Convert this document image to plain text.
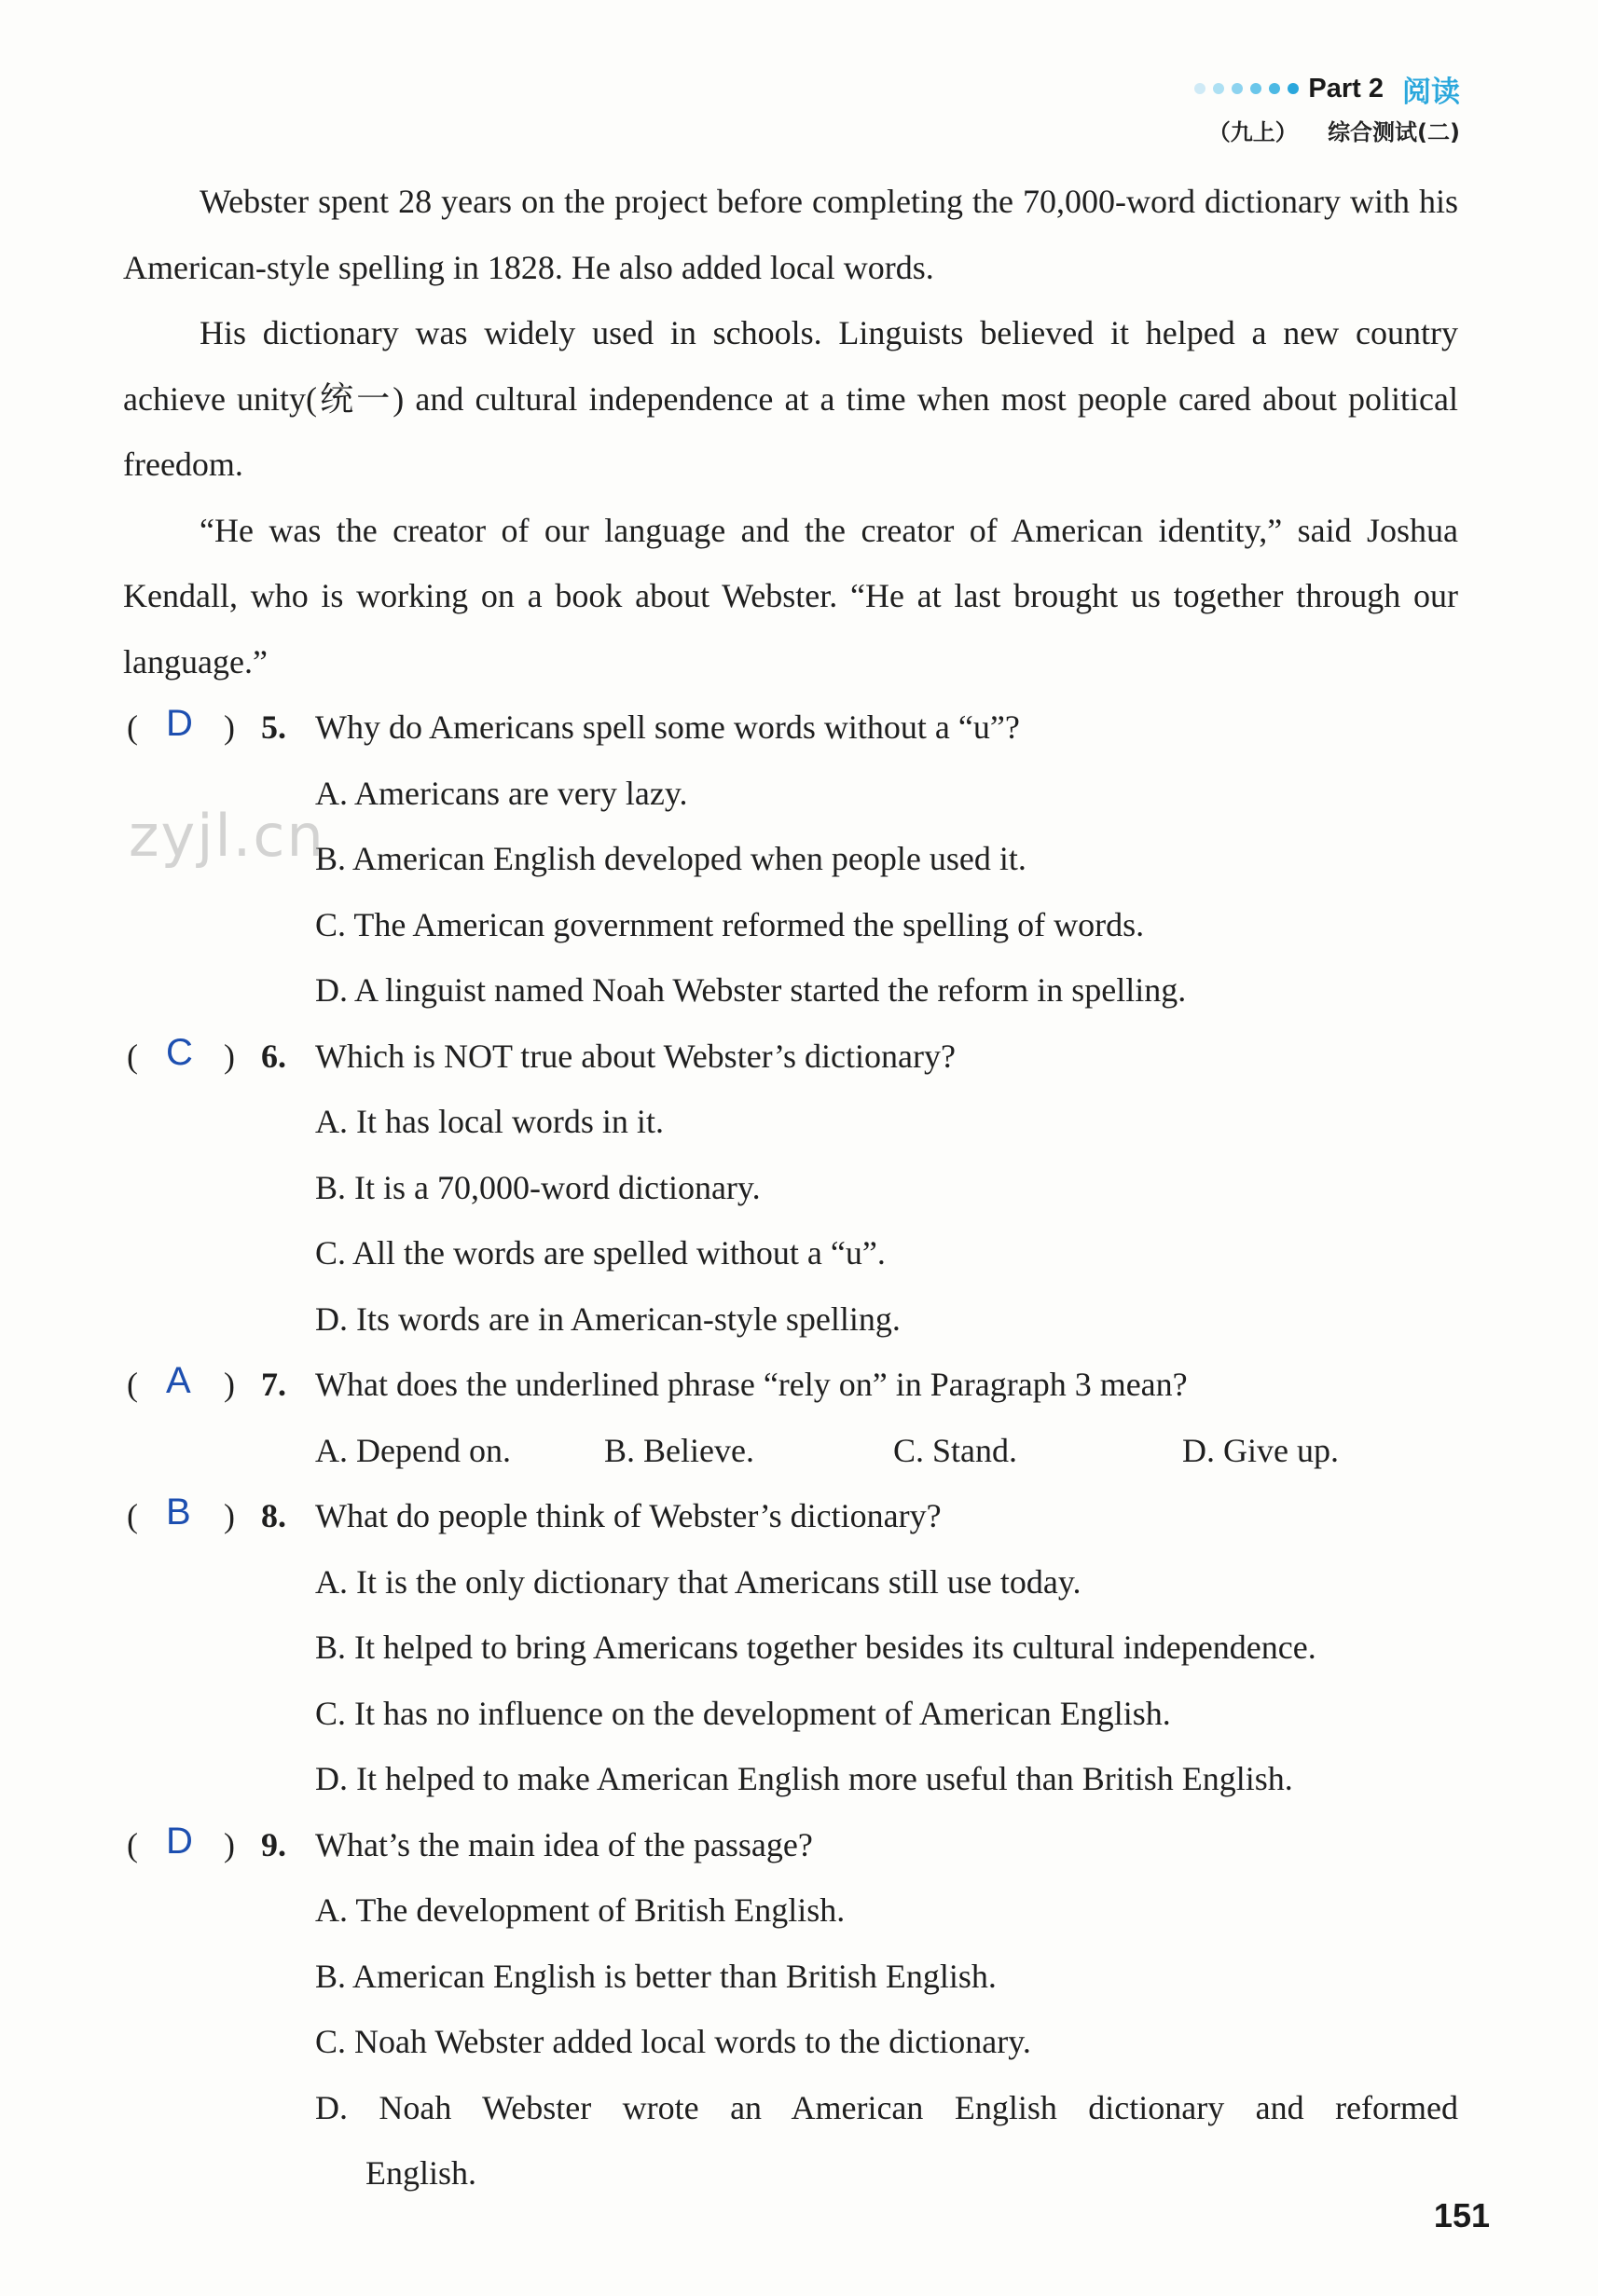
Part 2 阅读
（九上） 综合测试(二)

Webster spent 28 years on the project before completing the 70,000-word dictionary with his American-style spelling in 1828. He also added local words.

His dictionary was widely used in schools. Linguists believed it helped a new country achieve unity(统一) and cultural independence at a time when most people cared about political freedom.

“He was the creator of our language and the creator of American identity,” said Joshua Kendall, who is working on a book about Webster. “He at last brought us together through our language.”

( D ) 5. Why do Americans spell some words without a “u”?
A. Americans are very lazy.
B. American English developed when people used it.
C. The American government reformed the spelling of words.
D. A linguist named Noah Webster started the reform in spelling.
( C ) 6. Which is NOT true about Webster’s dictionary?
A. It has local words in it.
B. It is a 70,000-word dictionary.
C. All the words are spelled without a “u”.
D. Its words are in American-style spelling.
( A ) 7. What does the underlined phrase “rely on” in Paragraph 3 mean?
A. Depend on.	B. Believe.	C. Stand.	D. Give up.
( B ) 8. What do people think of Webster’s dictionary?
A. It is the only dictionary that Americans still use today.
B. It helped to bring Americans together besides its cultural independence.
C. It has no influence on the development of American English.
D. It helped to make American English more useful than British English.
( D ) 9. What’s the main idea of the passage?
A. The development of British English.
B. American English is better than British English.
C. Noah Webster added local words to the dictionary.
D. Noah Webster wrote an American English dictionary and reformed
English.
zyjl.cn
151
